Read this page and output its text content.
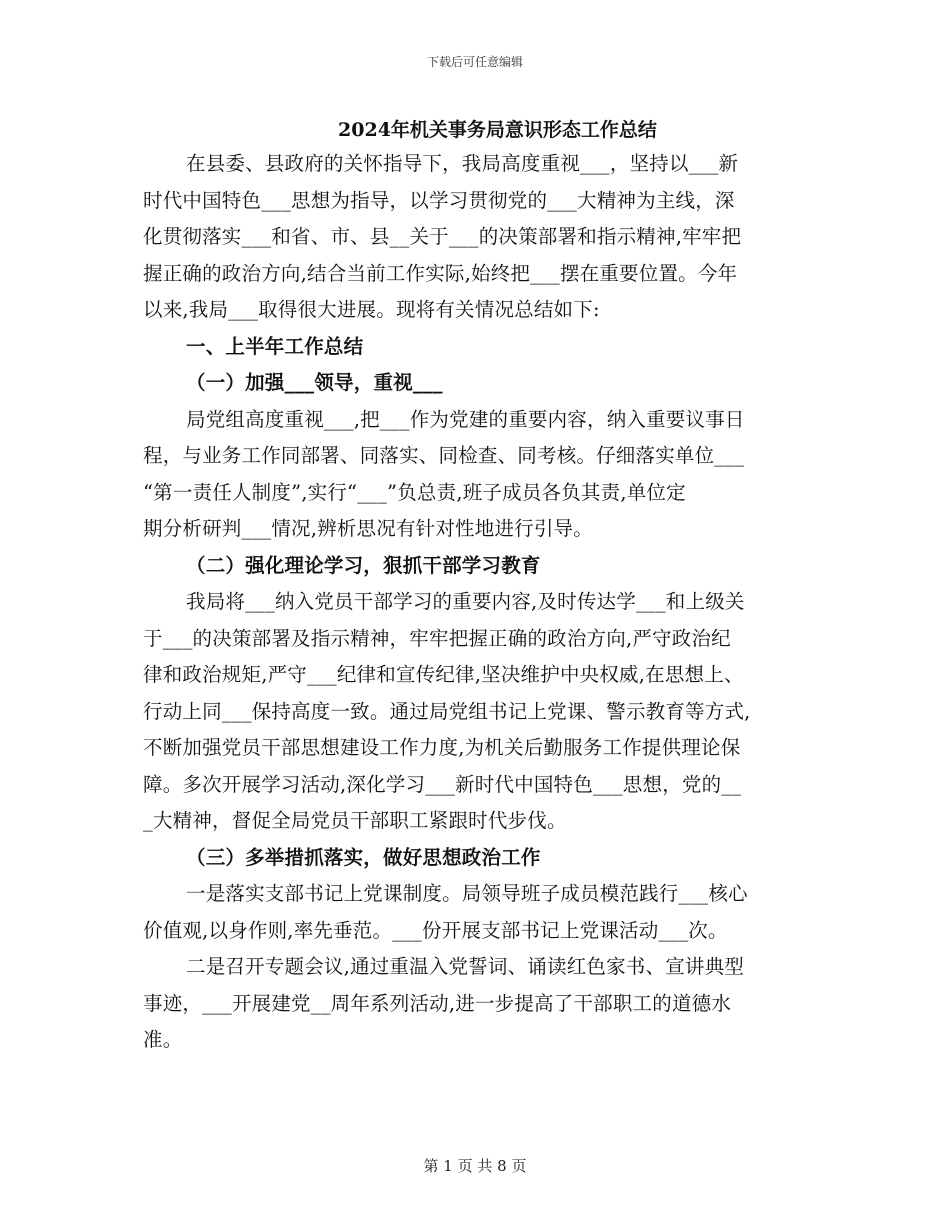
下载后可任意编辑
2024年机关事务局意识形态工作总结
在县委、县政府的关怀指导下，我局高度重视___，坚持以___新
时代中国特色___思想为指导，以学习贯彻党的___大精神为主线，深
化贯彻落实___和省、市、县__关于___的决策部署和指示精神,牢牢把
握正确的政治方向,结合当前工作实际,始终把___摆在重要位置。今年
以来,我局___取得很大进展。现将有关情况总结如下:
一、上半年工作总结
（一）加强___领导，重视___
局党组高度重视___,把___作为党建的重要内容，纳入重要议事日
程，与业务工作同部署、同落实、同检查、同考核。仔细落实单位___
“第一责任人制度”,实行“___”负总责,班子成员各负其责,单位定
期分析研判___情况,辨析思况有针对性地进行引导。
（二）强化理论学习，狠抓干部学习教育
我局将___纳入党员干部学习的重要内容,及时传达学___和上级关
于___的决策部署及指示精神，牢牢把握正确的政治方向,严守政治纪
律和政治规矩,严守___纪律和宣传纪律,坚决维护中央权威,在思想上、
行动上同___保持高度一致。通过局党组书记上党课、警示教育等方式,
不断加强党员干部思想建设工作力度,为机关后勤服务工作提供理论保
障。多次开展学习活动,深化学习___新时代中国特色___思想，党的__
_大精神，督促全局党员干部职工紧跟时代步伐。
（三）多举措抓落实，做好思想政治工作
一是落实支部书记上党课制度。局领导班子成员模范践行___核心
价值观,以身作则,率先垂范。___份开展支部书记上党课活动___次。
二是召开专题会议,通过重温入党誓词、诵读红色家书、宣讲典型
事迹，___开展建党__周年系列活动,进一步提高了干部职工的道德水
准。
第 1 页 共 8 页
